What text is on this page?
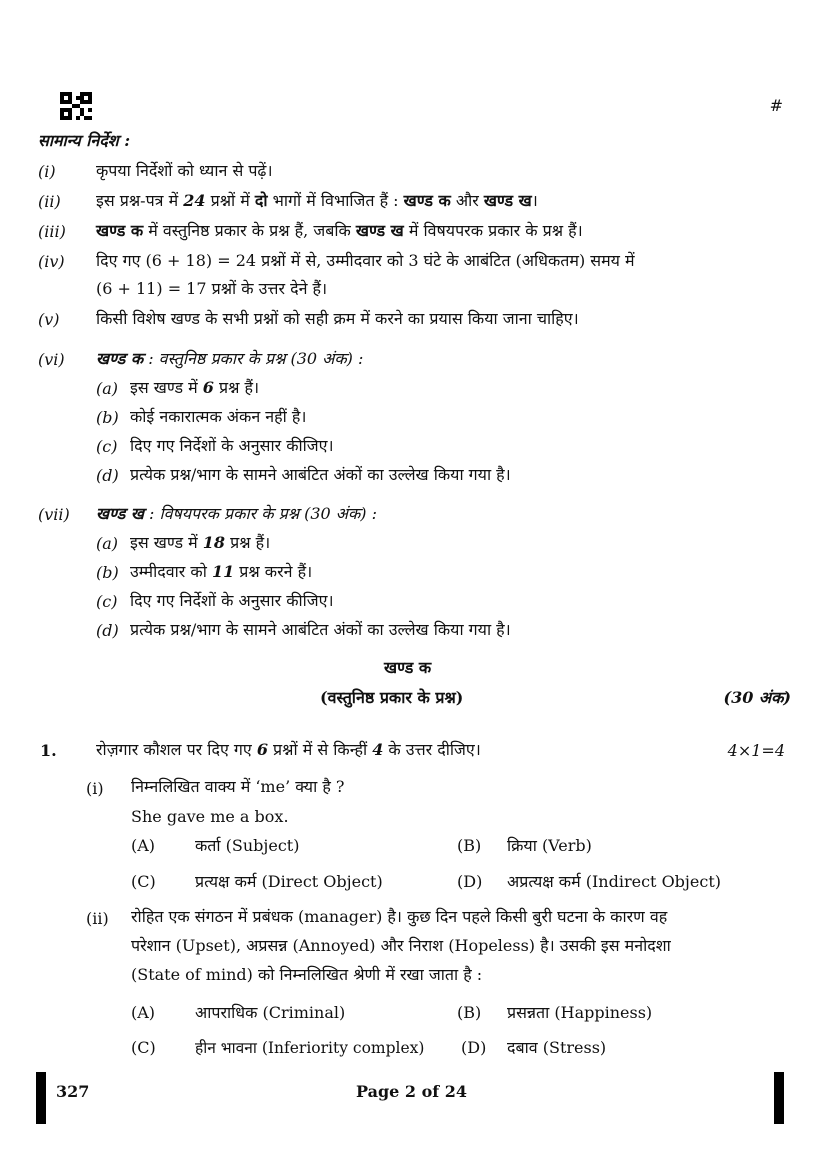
#
सामान्य निर्देश :
(i)	कृपया निर्देशों को ध्यान से पढ़ें।
(ii) इस प्रश्न-पत्र में 24 प्रश्नों में दो भागों में विभाजित हैं : खण्ड क और खण्ड ख।
(iii) खण्ड क में वस्तुनिष्ठ प्रकार के प्रश्न हैं, जबकि खण्ड ख में विषयपरक प्रकार के प्रश्न हैं।
(iv) दिए गए (6 + 18) = 24 प्रश्नों में से, उम्मीदवार को 3 घंटे के आबंटित (अधिकतम) समय में
(6 + 11) = 17 प्रश्नों के उत्तर देने हैं।
(v) किसी विशेष खण्ड के सभी प्रश्नों को सही क्रम में करने का प्रयास किया जाना चाहिए।
(vi) खण्ड क : वस्तुनिष्ठ प्रकार के प्रश्न (30 अंक) :
(a) इस खण्ड में 6 प्रश्न हैं।
(b) कोई नकारात्मक अंकन नहीं है।
(c) दिए गए निर्देशों के अनुसार कीजिए।
(d) प्रत्येक प्रश्न/भाग के सामने आबंटित अंकों का उल्लेख किया गया है।
(vii) खण्ड ख : विषयपरक प्रकार के प्रश्न (30 अंक) :
(a) इस खण्ड में 18 प्रश्न हैं।
(b) उम्मीदवार को 11 प्रश्न करने हैं।
(c) दिए गए निर्देशों के अनुसार कीजिए।
(d) प्रत्येक प्रश्न/भाग के सामने आबंटित अंकों का उल्लेख किया गया है।
खण्ड क
(वस्तुनिष्ठ प्रकार के प्रश्न)	(30 अंक)
1. रोज़गार कौशल पर दिए गए 6 प्रश्नों में से किन्हीं 4 के उत्तर दीजिए।	4×1=4
(i) निम्नलिखित वाक्य में ‘me’ क्या है ?
She gave me a box.
(A) कर्ता (Subject)	(B) क्रिया (Verb)
(C) प्रत्यक्ष कर्म (Direct Object)	(D) अप्रत्यक्ष कर्म (Indirect Object)
(ii) रोहित एक संगठन में प्रबंधक (manager) है। कुछ दिन पहले किसी बुरी घटना के कारण वह
परेशान (Upset), अप्रसन्न (Annoyed) और निराश (Hopeless) है। उसकी इस मनोदशा
(State of mind) को निम्नलिखित श्रेणी में रखा जाता है :
(A) आपराधिक (Criminal)	(B) प्रसन्नता (Happiness)
(C)	हीन भावना (Inferiority complex) (D) दबाव (Stress)
327	Page 2 of 24
